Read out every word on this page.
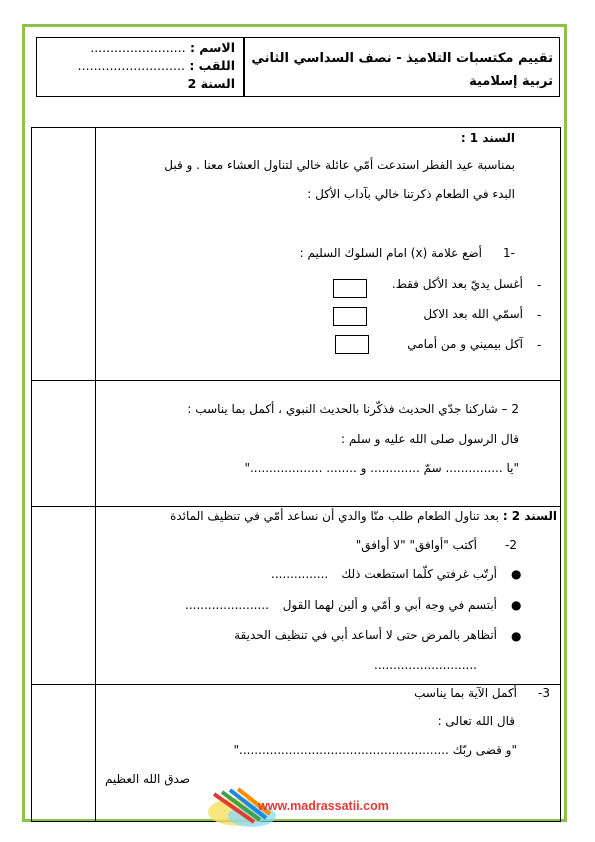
الاسم : ........................
اللقب : ...........................
السنة 2
تقييم مكتسبات التلاميذ - نصف السداسي الثاني
تربية إسلامية
السند 1 :
بمناسبة عيد الفطر استدعت أمّي عائلة خالي لتناول العشاء معنا . و قبل
البدء في الطعام ذكرتنا خالي بآداب الأكل :
1-
أضع علامة (x) امام السلوك السليم :
-
أغسل يديّ بعد الأكل فقط.
-
أسمّي الله بعد الاكل
-
آكل بيميني و من أمامي
2 – شاركنا جدّي الحديث فذكّرنا بالحديث النبوي ، أكمل بما يناسب :
قال الرسول صلى الله عليه و سلم :
"يا ............... سمّ ............. و ........ ..................."
السند 2 : بعد تناول الطعام طلب منّا والدي أن نساعد أمّي في تنظيف المائدة
-2
أكتب "أوافق" "لا أوافق"
●
أرتّب غرفتي كلّما استطعت ذلك
...............
●
أبتسم في وجه أبي و أمّي و ألين لهما القول
......................
●
أتظاهر بالمرض حتى لا أساعد أبي في تنظيف الحديقة
...........................
-3
أكمل الآية بما يناسب
قال الله تعالى :
"و قضى ربّك ......................................................."
صدق الله العظيم
www.madrassatii.com
